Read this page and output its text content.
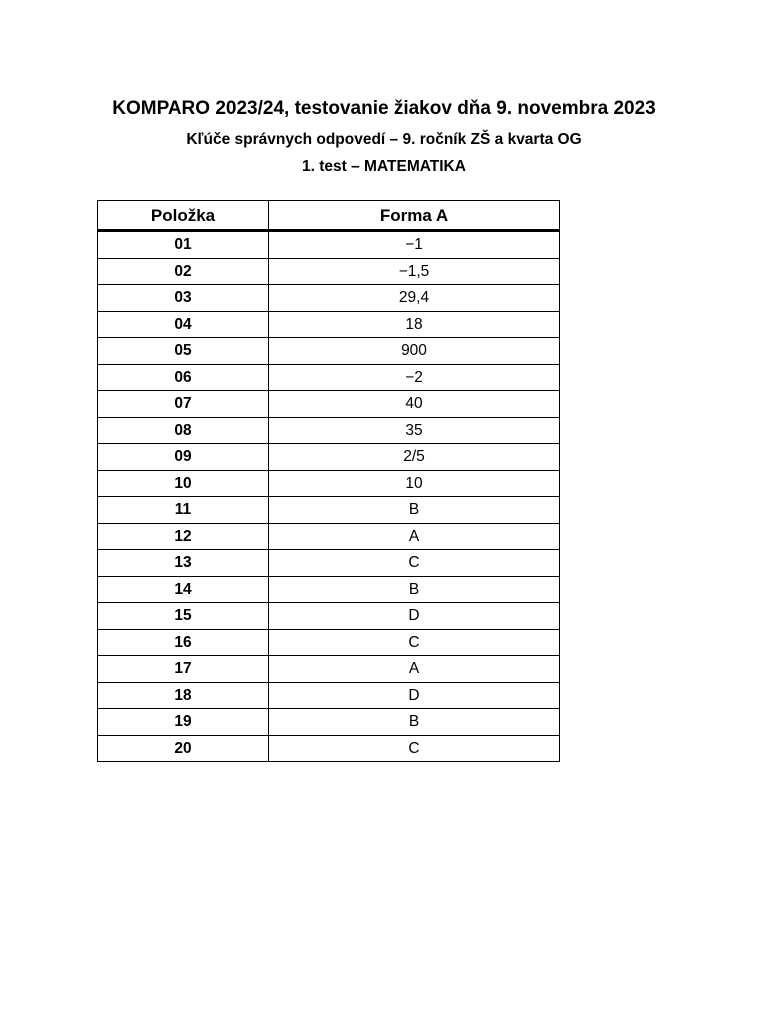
KOMPARO 2023/24, testovanie žiakov dňa 9. novembra 2023
Kľúče správnych odpovedí – 9. ročník ZŠ a kvarta OG
1. test – MATEMATIKA
Položka	Forma A
01	−1
02	−1,5
03	29,4
04	18
05	900
06	−2
07	40
08	35
09	2/5
10	10
11	B
12	A
13	C
14	B
15	D
16	C
17	A
18	D
19	B
20	C
